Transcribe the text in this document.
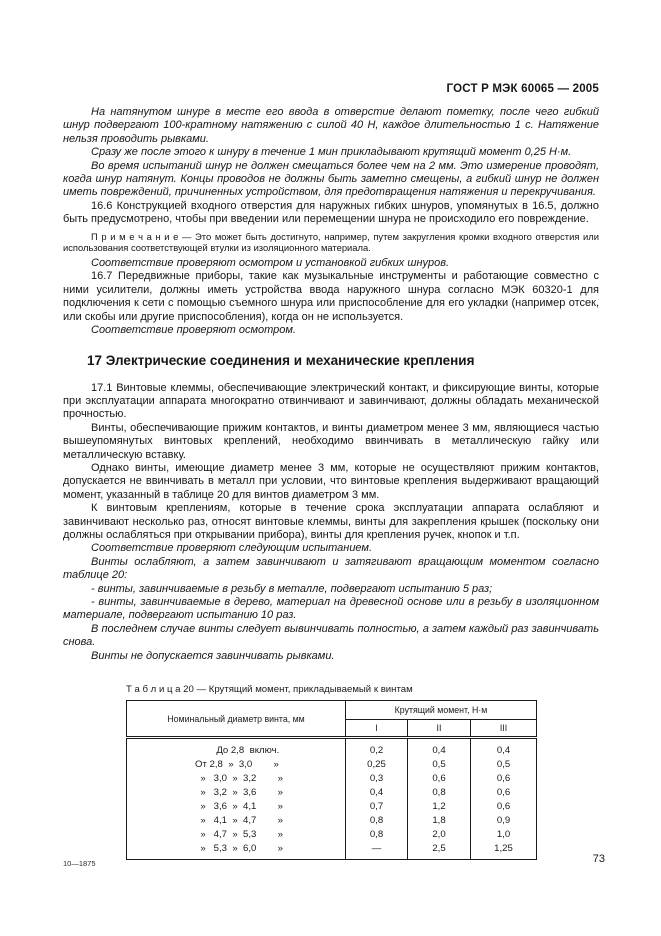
ГОСТ Р МЭК 60065 — 2005

На натянутом шнуре в месте его ввода в отверстие делают пометку, после чего гибкий шнур подвергают 100-кратному натяжению с силой 40 Н, каждое длительностью 1 с. Натяжение нельзя проводить рывками.

Сразу же после этого к шнуру в течение 1 мин прикладывают крутящий момент 0,25 Н·м.

Во время испытаний шнур не должен смещаться более чем на 2 мм. Это измерение проводят, когда шнур натянут. Концы проводов не должны быть заметно смещены, а гибкий шнур не должен иметь повреждений, причиненных устройством, для предотвращения натяжения и перекручивания.

16.6 Конструкцией входного отверстия для наружных гибких шнуров, упомянутых в 16.5, должно быть предусмотрено, чтобы при введении или перемещении шнура не происходило его повреждение.

П р и м е ч а н и е — Это может быть достигнуто, например, путем закругления кромки входного отверстия или использования соответствующей втулки из изоляционного материала.

Соответствие проверяют осмотром и установкой гибких шнуров.

16.7 Передвижные приборы, такие как музыкальные инструменты и работающие совместно с ними усилители, должны иметь устройства ввода наружного шнура согласно МЭК 60320-1 для подключения к сети с помощью съемного шнура или приспособление для его укладки (например отсек, или скобы или другие приспособления), когда он не используется.

Соответствие проверяют осмотром.

17 Электрические соединения и механические крепления

17.1 Винтовые клеммы, обеспечивающие электрический контакт, и фиксирующие винты, которые при эксплуатации аппарата многократно отвинчивают и завинчивают, должны обладать механической прочностью.

Винты, обеспечивающие прижим контактов, и винты диаметром менее 3 мм, являющиеся частью вышеупомянутых винтовых креплений, необходимо ввинчивать в металлическую гайку или металлическую вставку.

Однако винты, имеющие диаметр менее 3 мм, которые не осуществляют прижим контактов, допускается не ввинчивать в металл при условии, что винтовые крепления выдерживают вращающий момент, указанный в таблице 20 для винтов диаметром 3 мм.

К винтовым креплениям, которые в течение срока эксплуатации аппарата ослабляют и завинчивают несколько раз, относят винтовые клеммы, винты для закрепления крышек (поскольку они должны ослабляться при открывании прибора), винты для крепления ручек, кнопок и т.п.

Соответствие проверяют следующим испытанием.

Винты ослабляют, а затем завинчивают и затягивают вращающим моментом согласно таблице 20:

- винты, завинчиваемые в резьбу в металле, подвергают испытанию 5 раз;

- винты, завинчиваемые в дерево, материал на древесной основе или в резьбу в изоляционном материале, подвергают испытанию 10 раз.

В последнем случае винты следует вывинчивать полностью, а затем каждый раз завинчивать снова.

Винты не допускается завинчивать рывками.

Т а б л и ц а 20 — Крутящий момент, прикладываемый к винтам
Номинальный диаметр винта, мм	Крутящий момент, Н·м		
	I	II	III
До 2,8  включ.	0,2	0,4	0,4
От 2,8  »  3,0        »	0,25	0,5	0,5
»   3,0  »  3,2        »	0,3	0,6	0,6
»   3,2  »  3,6        »	0,4	0,8	0,6
»   3,6  »  4,1        »	0,7	1,2	0,6
»   4,1  »  4,7        »	0,8	1,8	0,9
»   4,7  »  5,3        »	0,8	2,0	1,0
»   5,3  »  6,0        »	—	2,5	1,25
10—1875	73
